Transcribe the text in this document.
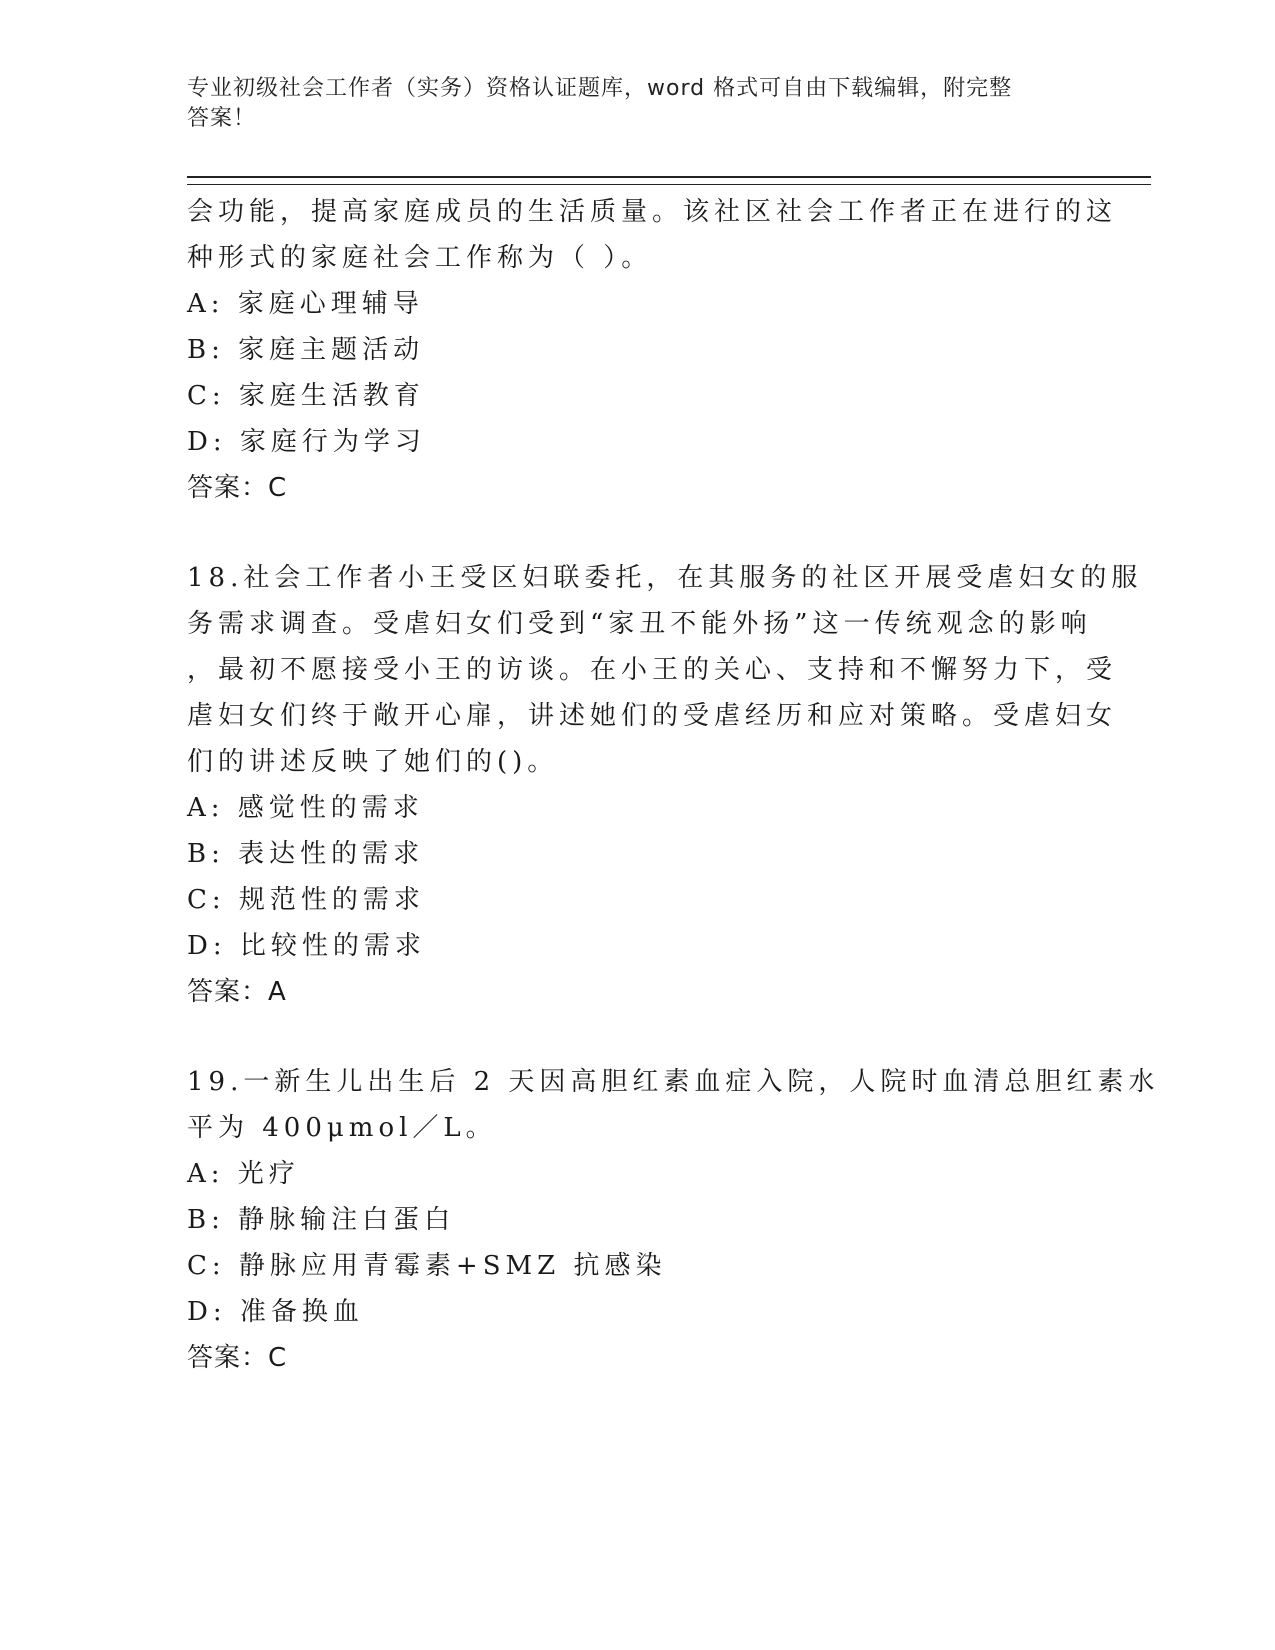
专业初级社会工作者（实务）资格认证题库，word 格式可自由下载编辑，附完整
答案！
会功能，提高家庭成员的生活质量。该社区社会工作者正在进行的这
种形式的家庭社会工作称为（ ）。
A: 家庭心理辅导
B: 家庭主题活动
C: 家庭生活教育
D: 家庭行为学习
答案：C
18.社会工作者小王受区妇联委托，在其服务的社区开展受虐妇女的服
务需求调查。受虐妇女们受到“家丑不能外扬”这一传统观念的影响
，最初不愿接受小王的访谈。在小王的关心、支持和不懈努力下，受
虐妇女们终于敞开心扉，讲述她们的受虐经历和应对策略。受虐妇女
们的讲述反映了她们的()。
A: 感觉性的需求
B: 表达性的需求
C: 规范性的需求
D: 比较性的需求
答案：A
19.一新生儿出生后 2 天因高胆红素血症入院，人院时血清总胆红素水
平为 400μmol／L。
A: 光疗
B: 静脉输注白蛋白
C: 静脉应用青霉素+SMZ 抗感染
D: 准备换血
答案：C
